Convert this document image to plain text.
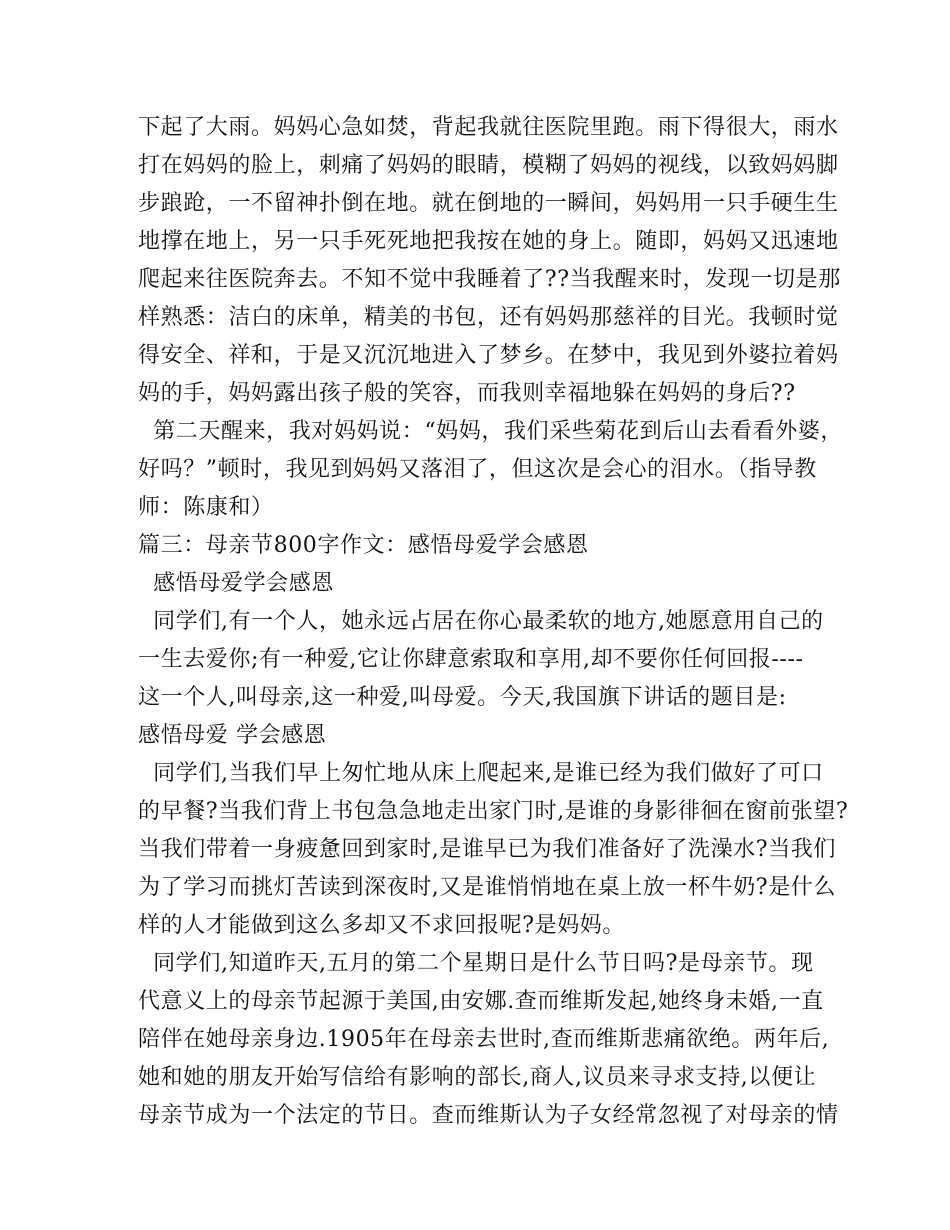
下起了大雨。妈妈心急如焚，背起我就往医院里跑。雨下得很大，雨水
打在妈妈的脸上，刺痛了妈妈的眼睛，模糊了妈妈的视线，以致妈妈脚
步踉跄，一不留神扑倒在地。就在倒地的一瞬间，妈妈用一只手硬生生
地撑在地上，另一只手死死地把我按在她的身上。随即，妈妈又迅速地
爬起来往医院奔去。不知不觉中我睡着了??当我醒来时，发现一切是那
样熟悉：洁白的床单，精美的书包，还有妈妈那慈祥的目光。我顿时觉
得安全、祥和，于是又沉沉地进入了梦乡。在梦中，我见到外婆拉着妈
妈的手，妈妈露出孩子般的笑容，而我则幸福地躲在妈妈的身后??
第二天醒来，我对妈妈说：“妈妈，我们采些菊花到后山去看看外婆，
好吗？”顿时，我见到妈妈又落泪了，但这次是会心的泪水。（指导教
师：陈康和）
篇三：母亲节800字作文：感悟母爱学会感恩
感悟母爱学会感恩
同学们,有一个人，她永远占居在你心最柔软的地方,她愿意用自己的
一生去爱你;有一种爱,它让你肆意索取和享用,却不要你任何回报----
这一个人,叫母亲,这一种爱,叫母爱。今天,我国旗下讲话的题目是:
感悟母爱 学会感恩
同学们,当我们早上匆忙地从床上爬起来,是谁已经为我们做好了可口
的早餐?当我们背上书包急急地走出家门时,是谁的身影徘徊在窗前张望?
当我们带着一身疲惫回到家时,是谁早已为我们准备好了洗澡水?当我们
为了学习而挑灯苦读到深夜时,又是谁悄悄地在桌上放一杯牛奶?是什么
样的人才能做到这么多却又不求回报呢?是妈妈。
同学们,知道昨天,五月的第二个星期日是什么节日吗?是母亲节。现
代意义上的母亲节起源于美国,由安娜.查而维斯发起,她终身未婚,一直
陪伴在她母亲身边.1905年在母亲去世时,查而维斯悲痛欲绝。两年后,
她和她的朋友开始写信给有影响的部长,商人,议员来寻求支持,以便让
母亲节成为一个法定的节日。查而维斯认为子女经常忽视了对母亲的情
